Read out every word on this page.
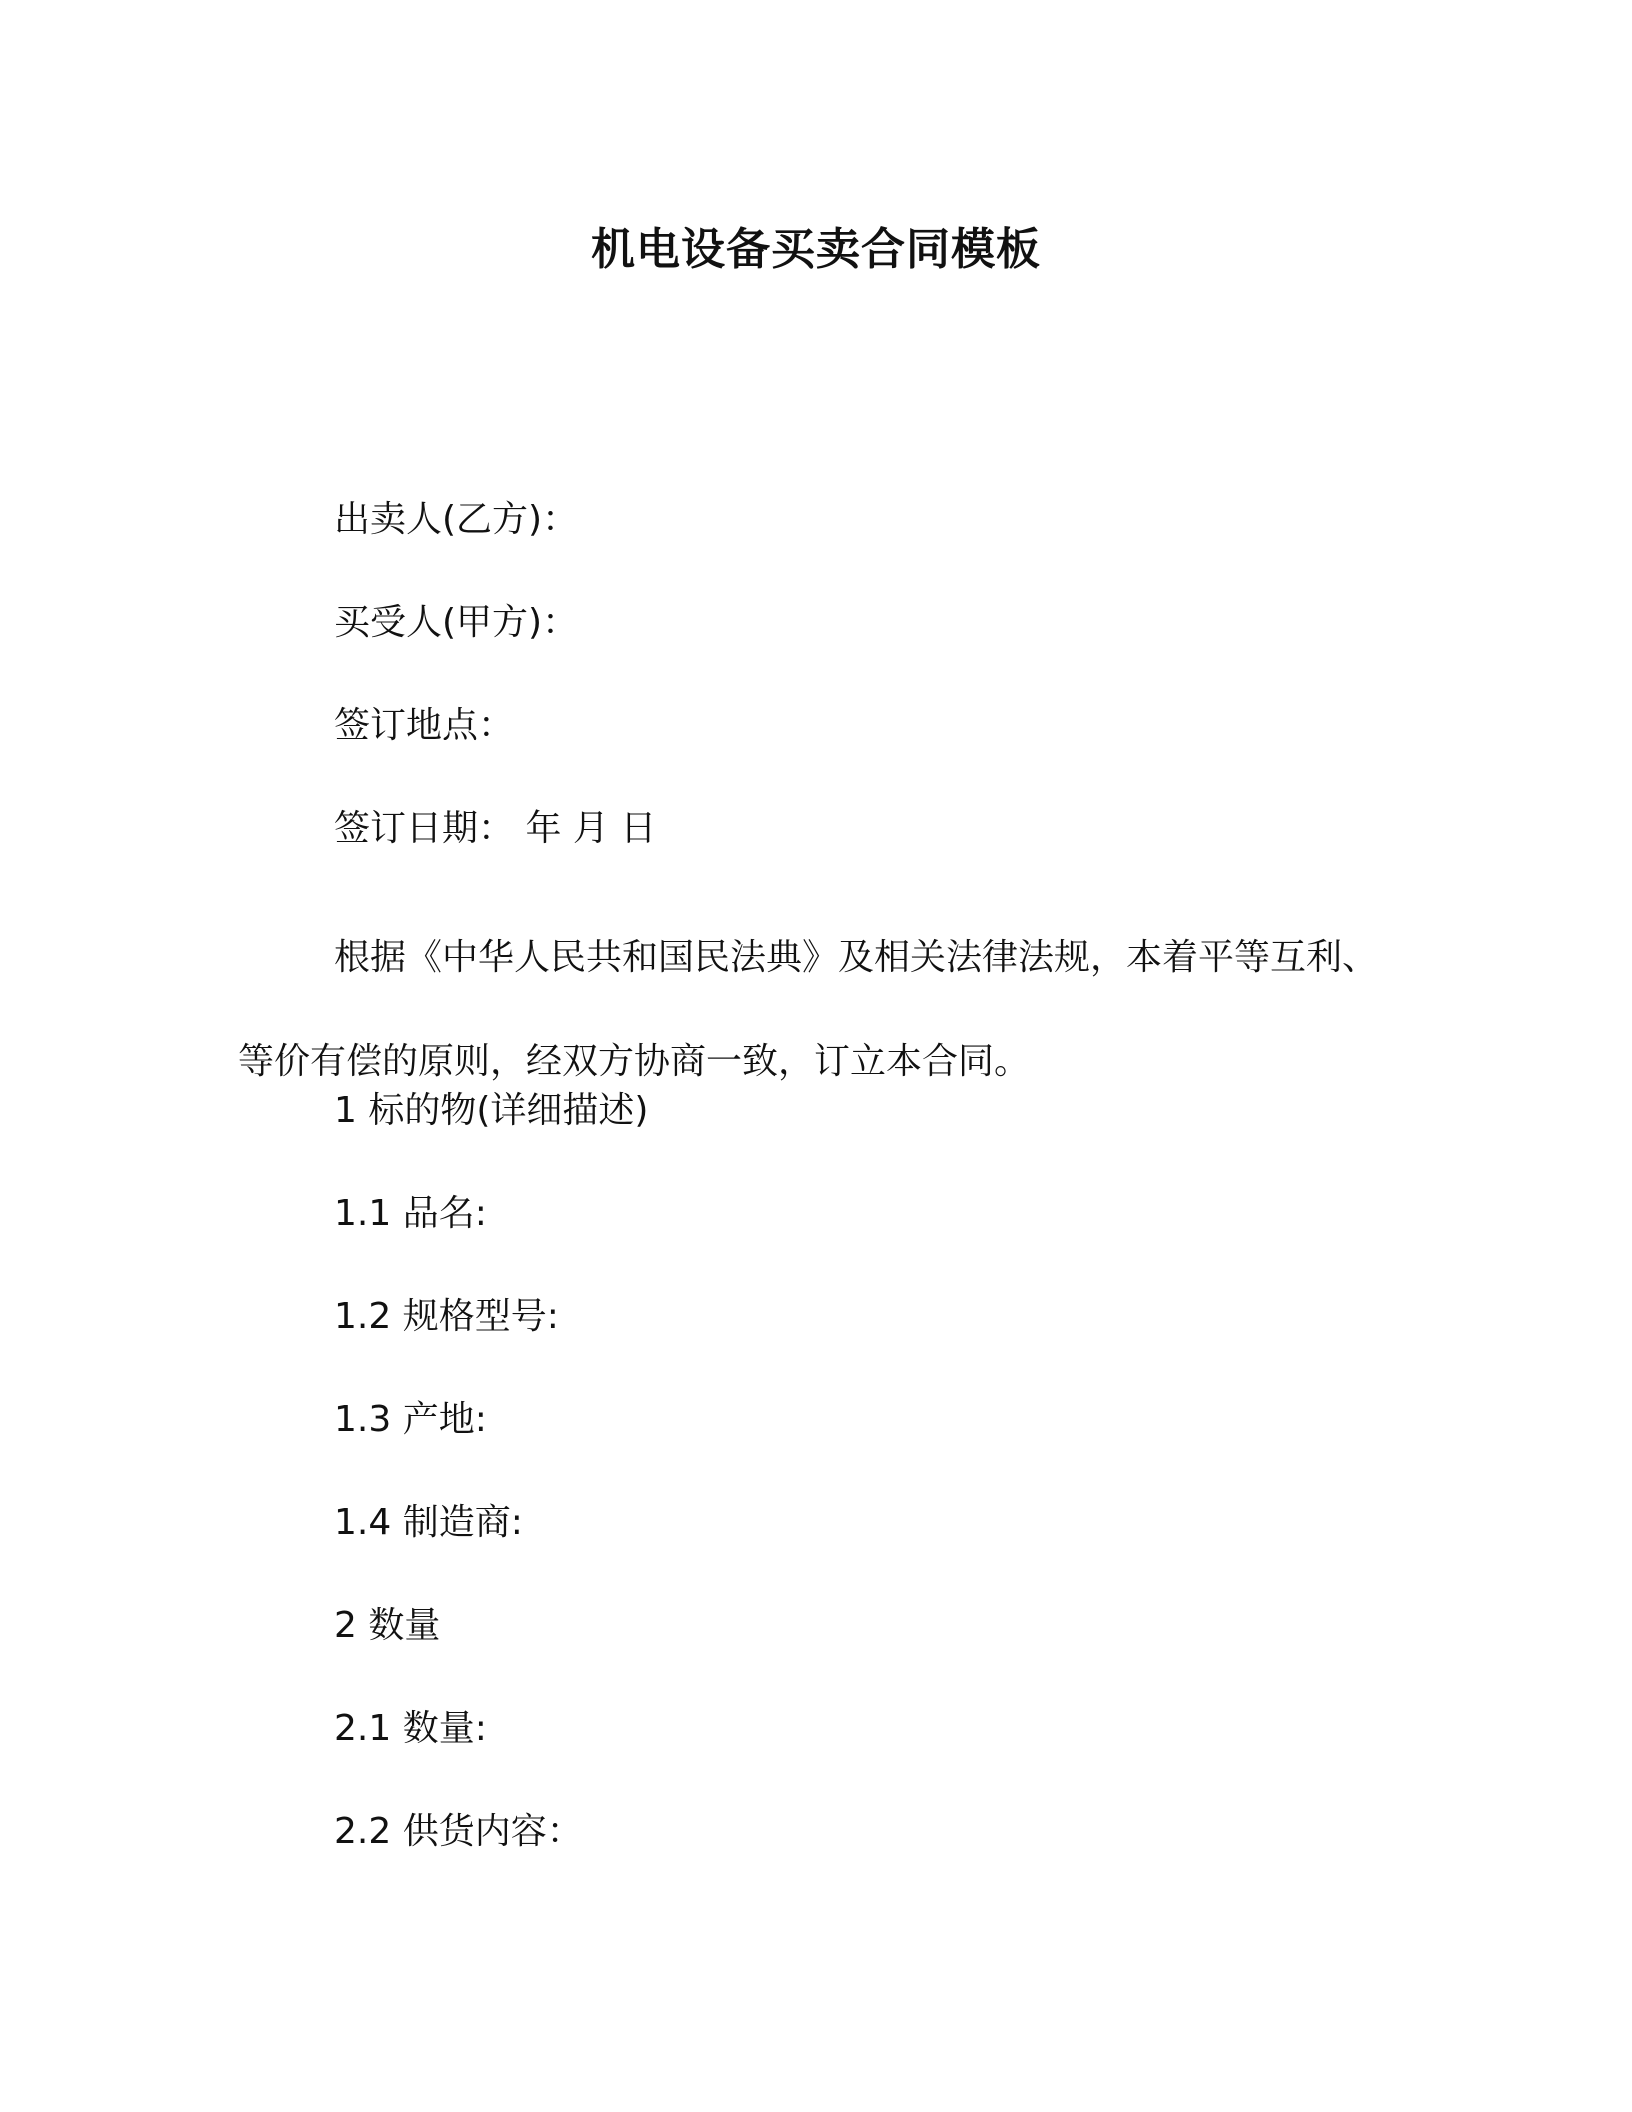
机电设备买卖合同模板
出卖人(乙方)：
买受人(甲方)：
签订地点：
签订日期： 年 月 日
根据《中华人民共和国民法典》及相关法律法规，本着平等互利、
等价有偿的原则，经双方协商一致，订立本合同。
1 标的物(详细描述)
1.1 品名:
1.2 规格型号:
1.3 产地:
1.4 制造商:
2 数量
2.1 数量:
2.2 供货内容：
